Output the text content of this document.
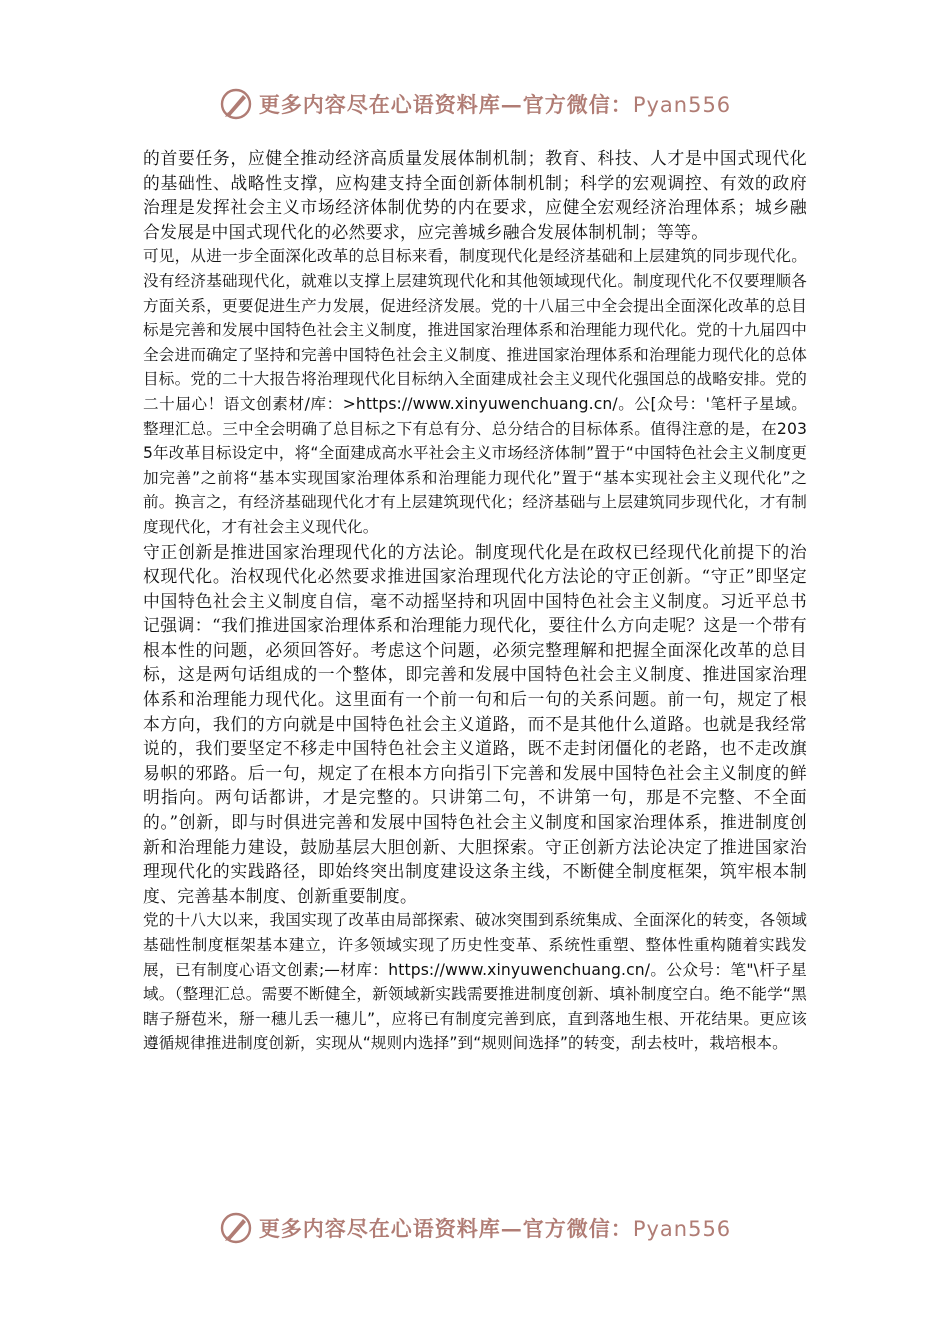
更多内容尽在心语资料库—官方微信：Pyan556

的首要任务，应健全推动经济高质量发展体制机制；教育、科技、人才是中国式现代化的基础性、战略性支撑，应构建支持全面创新体制机制；科学的宏观调控、有效的政府治理是发挥社会主义市场经济体制优势的内在要求，应健全宏观经济治理体系；城乡融合发展是中国式现代化的必然要求，应完善城乡融合发展体制机制；等等。

可见，从进一步全面深化改革的总目标来看，制度现代化是经济基础和上层建筑的同步现代化。没有经济基础现代化，就难以支撑上层建筑现代化和其他领域现代化。制度现代化不仅要理顺各方面关系，更要促进生产力发展，促进经济发展。党的十八届三中全会提出全面深化改革的总目标是完善和发展中国特色社会主义制度，推进国家治理体系和治理能力现代化。党的十九届四中全会进而确定了坚持和完善中国特色社会主义制度、推进国家治理体系和治理能力现代化的总体目标。党的二十大报告将治理现代化目标纳入全面建成社会主义现代化强国总的战略安排。党的二十届心！语文创素材/库：>https://www.xinyuwenchuang.cn/。公[众号：'笔杆子星域。整理汇总。三中全会明确了总目标之下有总有分、总分结合的目标体系。值得注意的是，在2035年改革目标设定中，将“全面建成高水平社会主义市场经济体制”置于“中国特色社会主义制度更加完善”之前将“基本实现国家治理体系和治理能力现代化”置于“基本实现社会主义现代化”之前。换言之，有经济基础现代化才有上层建筑现代化；经济基础与上层建筑同步现代化，才有制度现代化，才有社会主义现代化。

守正创新是推进国家治理现代化的方法论。制度现代化是在政权已经现代化前提下的治权现代化。治权现代化必然要求推进国家治理现代化方法论的守正创新。“守正”即坚定中国特色社会主义制度自信，毫不动摇坚持和巩固中国特色社会主义制度。习近平总书记强调：“我们推进国家治理体系和治理能力现代化，要往什么方向走呢？这是一个带有根本性的问题，必须回答好。考虑这个问题，必须完整理解和把握全面深化改革的总目标，这是两句话组成的一个整体，即完善和发展中国特色社会主义制度、推进国家治理体系和治理能力现代化。这里面有一个前一句和后一句的关系问题。前一句，规定了根本方向，我们的方向就是中国特色社会主义道路，而不是其他什么道路。也就是我经常说的，我们要坚定不移走中国特色社会主义道路，既不走封闭僵化的老路，也不走改旗易帜的邪路。后一句，规定了在根本方向指引下完善和发展中国特色社会主义制度的鲜明指向。两句话都讲，才是完整的。只讲第二句，不讲第一句，那是不完整、不全面的。”创新，即与时俱进完善和发展中国特色社会主义制度和国家治理体系，推进制度创新和治理能力建设，鼓励基层大胆创新、大胆探索。守正创新方法论决定了推进国家治理现代化的实践路径，即始终突出制度建设这条主线，不断健全制度框架，筑牢根本制度、完善基本制度、创新重要制度。

党的十八大以来，我国实现了改革由局部探索、破冰突围到系统集成、全面深化的转变，各领域基础性制度框架基本建立，许多领域实现了历史性变革、系统性重塑、整体性重构随着实践发展，已有制度心语文创素;—材库：https://www.xinyuwenchuang.cn/。公众号：笔"\杆子星域。（整理汇总。需要不断健全，新领域新实践需要推进制度创新、填补制度空白。绝不能学“黑瞎子掰苞米，掰一穗儿丢一穗儿”，应将已有制度完善到底，直到落地生根、开花结果。更应该遵循规律推进制度创新，实现从“规则内选择”到“规则间选择”的转变，刮去枝叶，栽培根本。

更多内容尽在心语资料库—官方微信：Pyan556
